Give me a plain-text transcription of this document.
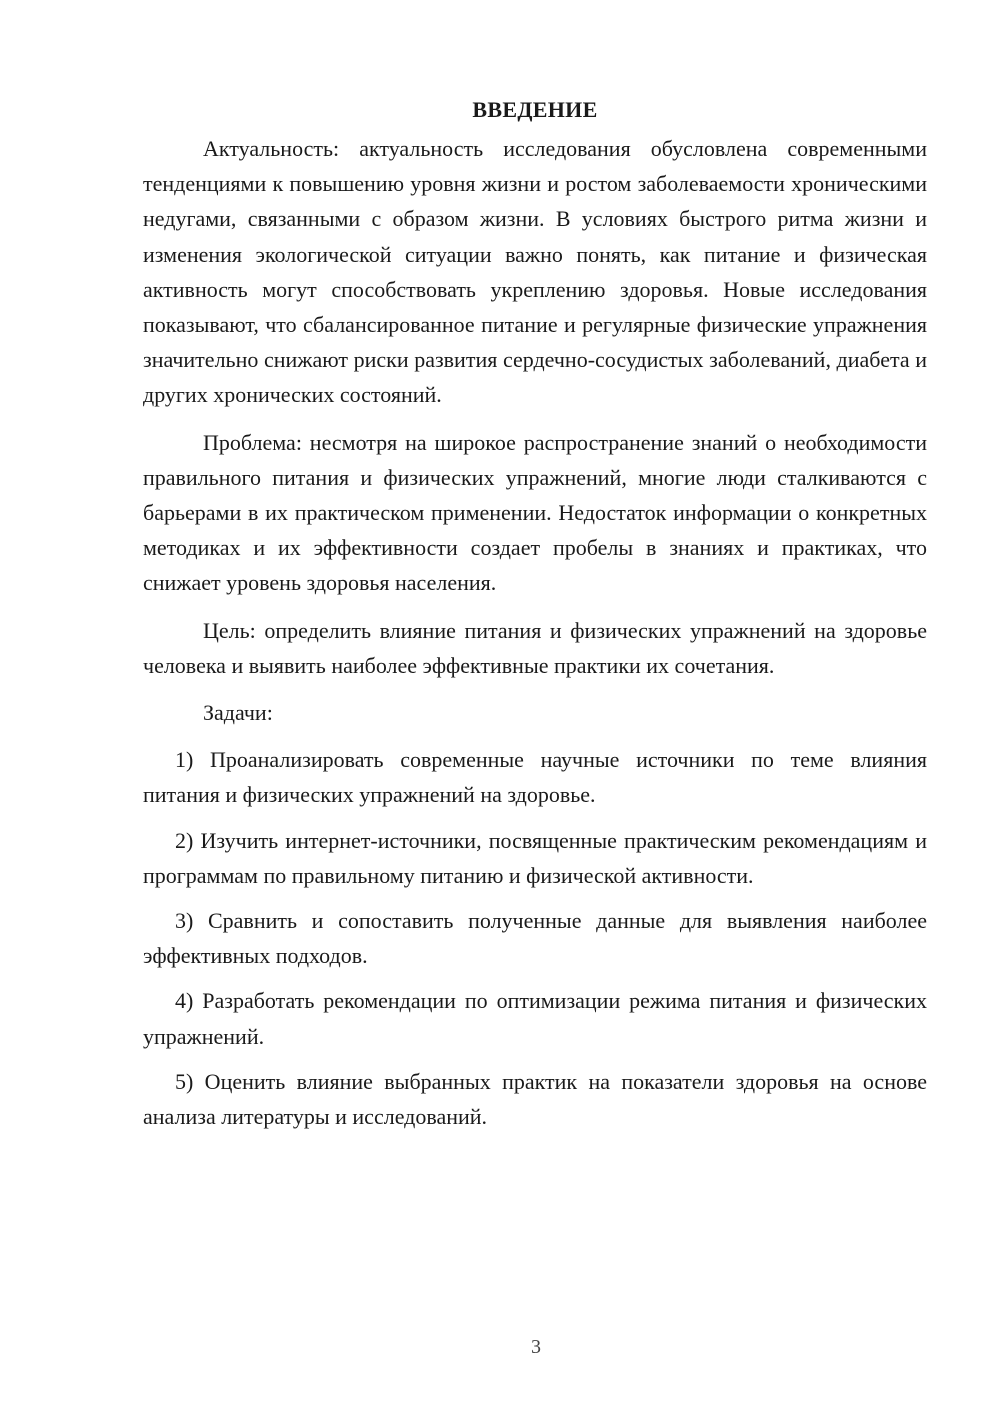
ВВЕДЕНИЕ

Актуальность: актуальность исследования обусловлена современными тенденциями к повышению уровня жизни и ростом заболеваемости хроническими недугами, связанными с образом жизни. В условиях быстрого ритма жизни и изменения экологической ситуации важно понять, как питание и физическая активность могут способствовать укреплению здоровья. Новые исследования показывают, что сбалансированное питание и регулярные физические упражнения значительно снижают риски развития сердечно-сосудистых заболеваний, диабета и других хронических состояний.

Проблема: несмотря на широкое распространение знаний о необходимости правильного питания и физических упражнений, многие люди сталкиваются с барьерами в их практическом применении. Недостаток информации о конкретных методиках и их эффективности создает пробелы в знаниях и практиках, что снижает уровень здоровья населения.

Цель: определить влияние питания и физических упражнений на здоровье человека и выявить наиболее эффективные практики их сочетания.

Задачи:

1) Проанализировать современные научные источники по теме влияния питания и физических упражнений на здоровье.

2) Изучить интернет-источники, посвященные практическим рекомендациям и программам по правильному питанию и физической активности.

3) Сравнить и сопоставить полученные данные для выявления наиболее эффективных подходов.

4) Разработать рекомендации по оптимизации режима питания и физических упражнений.

5) Оценить влияние выбранных практик на показатели здоровья на основе анализа литературы и исследований.

3
